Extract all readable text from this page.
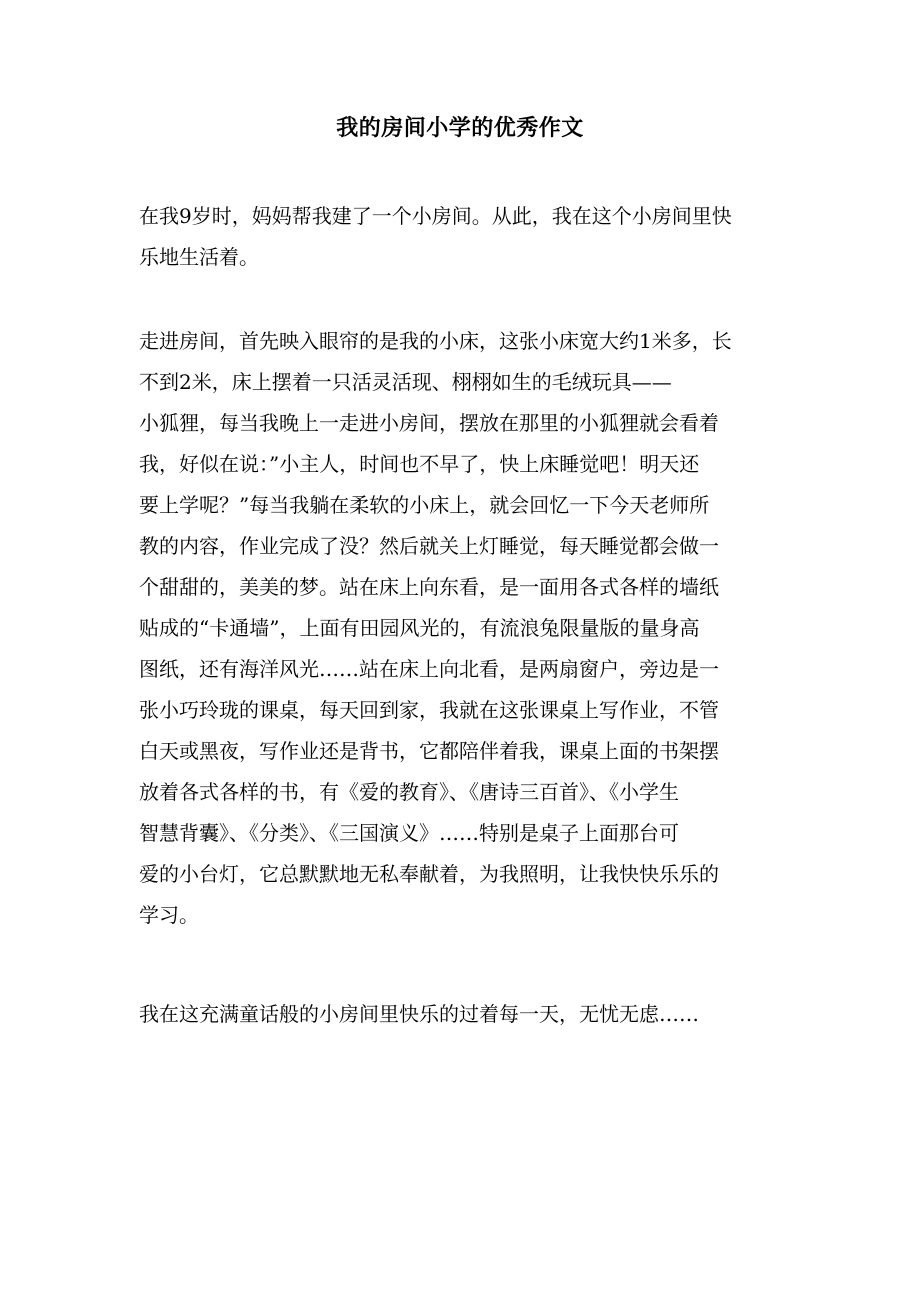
我的房间小学的优秀作文
在我9岁时，妈妈帮我建了一个小房间。从此，我在这个小房间里快
乐地生活着。
走进房间，首先映入眼帘的是我的小床，这张小床宽大约1米多，长
不到2米，床上摆着一只活灵活现、栩栩如生的毛绒玩具——
小狐狸，每当我晚上一走进小房间，摆放在那里的小狐狸就会看着
我，好似在说：”小主人，时间也不早了，快上床睡觉吧！明天还
要上学呢？”每当我躺在柔软的小床上，就会回忆一下今天老师所
教的内容，作业完成了没？然后就关上灯睡觉，每天睡觉都会做一
个甜甜的，美美的梦。站在床上向东看，是一面用各式各样的墙纸
贴成的“卡通墙”，上面有田园风光的，有流浪兔限量版的量身高
图纸，还有海洋风光……站在床上向北看，是两扇窗户，旁边是一
张小巧玲珑的课桌，每天回到家，我就在这张课桌上写作业，不管
白天或黑夜，写作业还是背书，它都陪伴着我，课桌上面的书架摆
放着各式各样的书，有《爱的教育》、《唐诗三百首》、《小学生
智慧背囊》、《分类》、《三国演义》……特别是桌子上面那台可
爱的小台灯，它总默默地无私奉献着，为我照明，让我快快乐乐的
学习。
我在这充满童话般的小房间里快乐的过着每一天，无忧无虑……
